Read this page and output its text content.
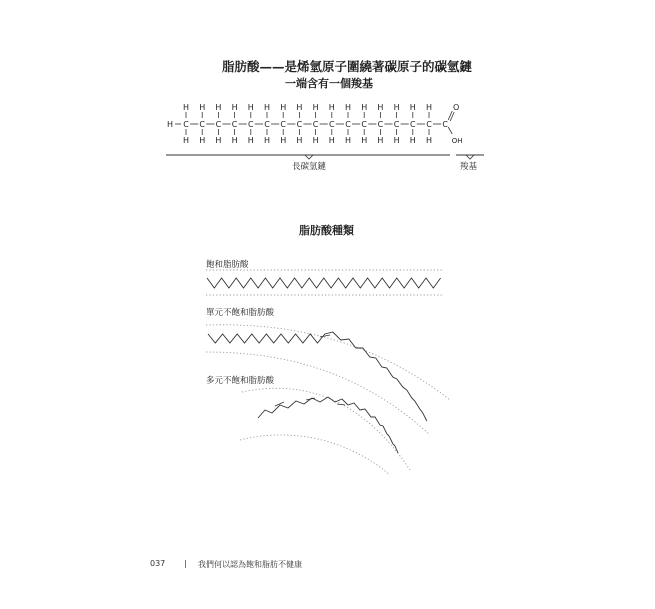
脂肪酸——是烯氫原子圍繞著碳原子的碳氫鏈
一端含有一個羧基
H C
H
H
C
H
H
C
H
H
C
H
H
C
H
H
C
H
H
C
H
H
C
H
H
C
H
H
C
H
H
C
H
H
C
H
H
C
H
H
C
H
H
C
H
H
C
H
H
C
O
OH
長碳氫鏈	羧基
脂肪酸種類
飽和脂肪酸
單元不飽和脂肪酸
多元不飽和脂肪酸
037 | 我們何以認為飽和脂肪不健康
